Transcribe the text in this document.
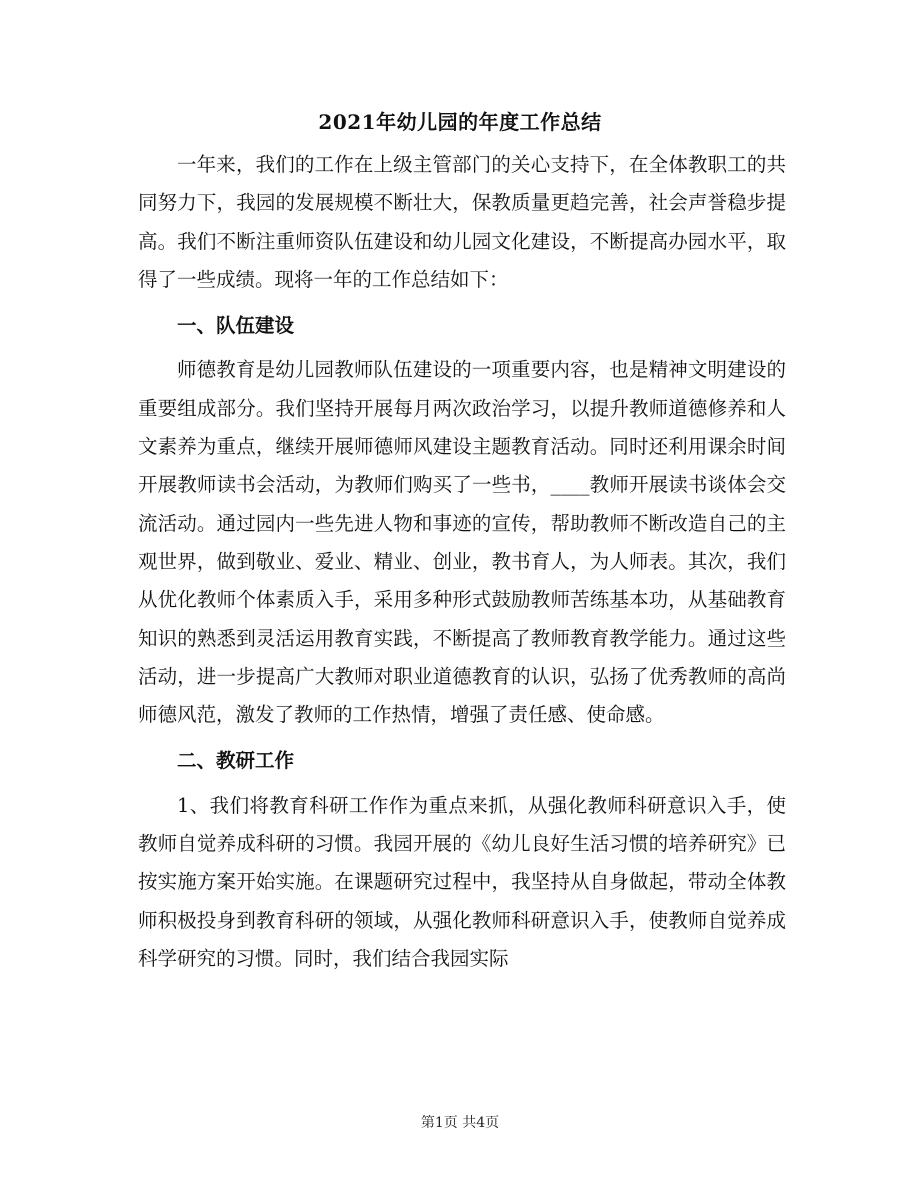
2021年幼儿园的年度工作总结

一年来，我们的工作在上级主管部门的关心支持下，在全体教职工的共同努力下，我园的发展规模不断壮大，保教质量更趋完善，社会声誉稳步提高。我们不断注重师资队伍建设和幼儿园文化建设，不断提高办园水平，取得了一些成绩。现将一年的工作总结如下：

一、队伍建设

师德教育是幼儿园教师队伍建设的一项重要内容，也是精神文明建设的重要组成部分。我们坚持开展每月两次政治学习，以提升教师道德修养和人文素养为重点，继续开展师德师风建设主题教育活动。同时还利用课余时间开展教师读书会活动，为教师们购买了一些书，____教师开展读书谈体会交流活动。通过园内一些先进人物和事迹的宣传，帮助教师不断改造自己的主观世界，做到敬业、爱业、精业、创业，教书育人，为人师表。其次，我们从优化教师个体素质入手，采用多种形式鼓励教师苦练基本功，从基础教育知识的熟悉到灵活运用教育实践，不断提高了教师教育教学能力。通过这些活动，进一步提高广大教师对职业道德教育的认识，弘扬了优秀教师的高尚师德风范，激发了教师的工作热情，增强了责任感、使命感。

二、教研工作

1、我们将教育科研工作作为重点来抓，从强化教师科研意识入手，使教师自觉养成科研的习惯。我园开展的《幼儿良好生活习惯的培养研究》已按实施方案开始实施。在课题研究过程中，我坚持从自身做起，带动全体教师积极投身到教育科研的领域，从强化教师科研意识入手，使教师自觉养成科学研究的习惯。同时，我们结合我园实际

第1页 共4页
